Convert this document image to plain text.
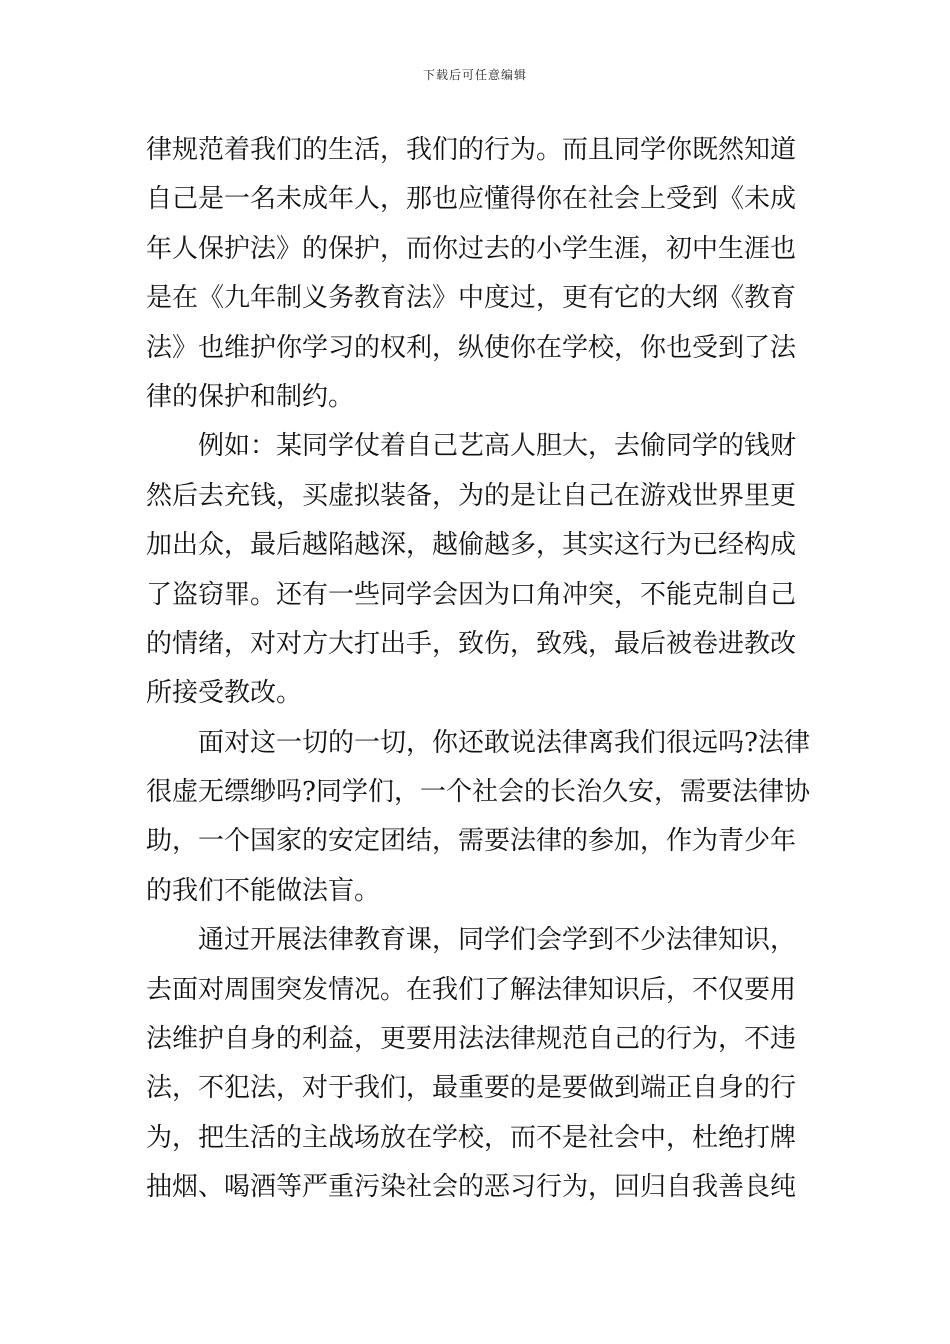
下载后可任意编辑
律规范着我们的生活，我们的行为。而且同学你既然知道
自己是一名未成年人，那也应懂得你在社会上受到《未成
年人保护法》的保护，而你过去的小学生涯，初中生涯也
是在《九年制义务教育法》中度过，更有它的大纲《教育
法》也维护你学习的权利，纵使你在学校，你也受到了法
律的保护和制约。
例如：某同学仗着自己艺高人胆大，去偷同学的钱财
然后去充钱，买虚拟装备，为的是让自己在游戏世界里更
加出众，最后越陷越深，越偷越多，其实这行为已经构成
了盗窃罪。还有一些同学会因为口角冲突，不能克制自己
的情绪，对对方大打出手，致伤，致残，最后被卷进教改
所接受教改。
面对这一切的一切，你还敢说法律离我们很远吗?法律
很虚无缥缈吗?同学们，一个社会的长治久安，需要法律协
助，一个国家的安定团结，需要法律的参加，作为青少年
的我们不能做法盲。
通过开展法律教育课，同学们会学到不少法律知识，
去面对周围突发情况。在我们了解法律知识后，不仅要用
法维护自身的利益，更要用法法律规范自己的行为，不违
法，不犯法，对于我们，最重要的是要做到端正自身的行
为，把生活的主战场放在学校，而不是社会中，杜绝打牌
抽烟、喝酒等严重污染社会的恶习行为，回归自我善良纯
